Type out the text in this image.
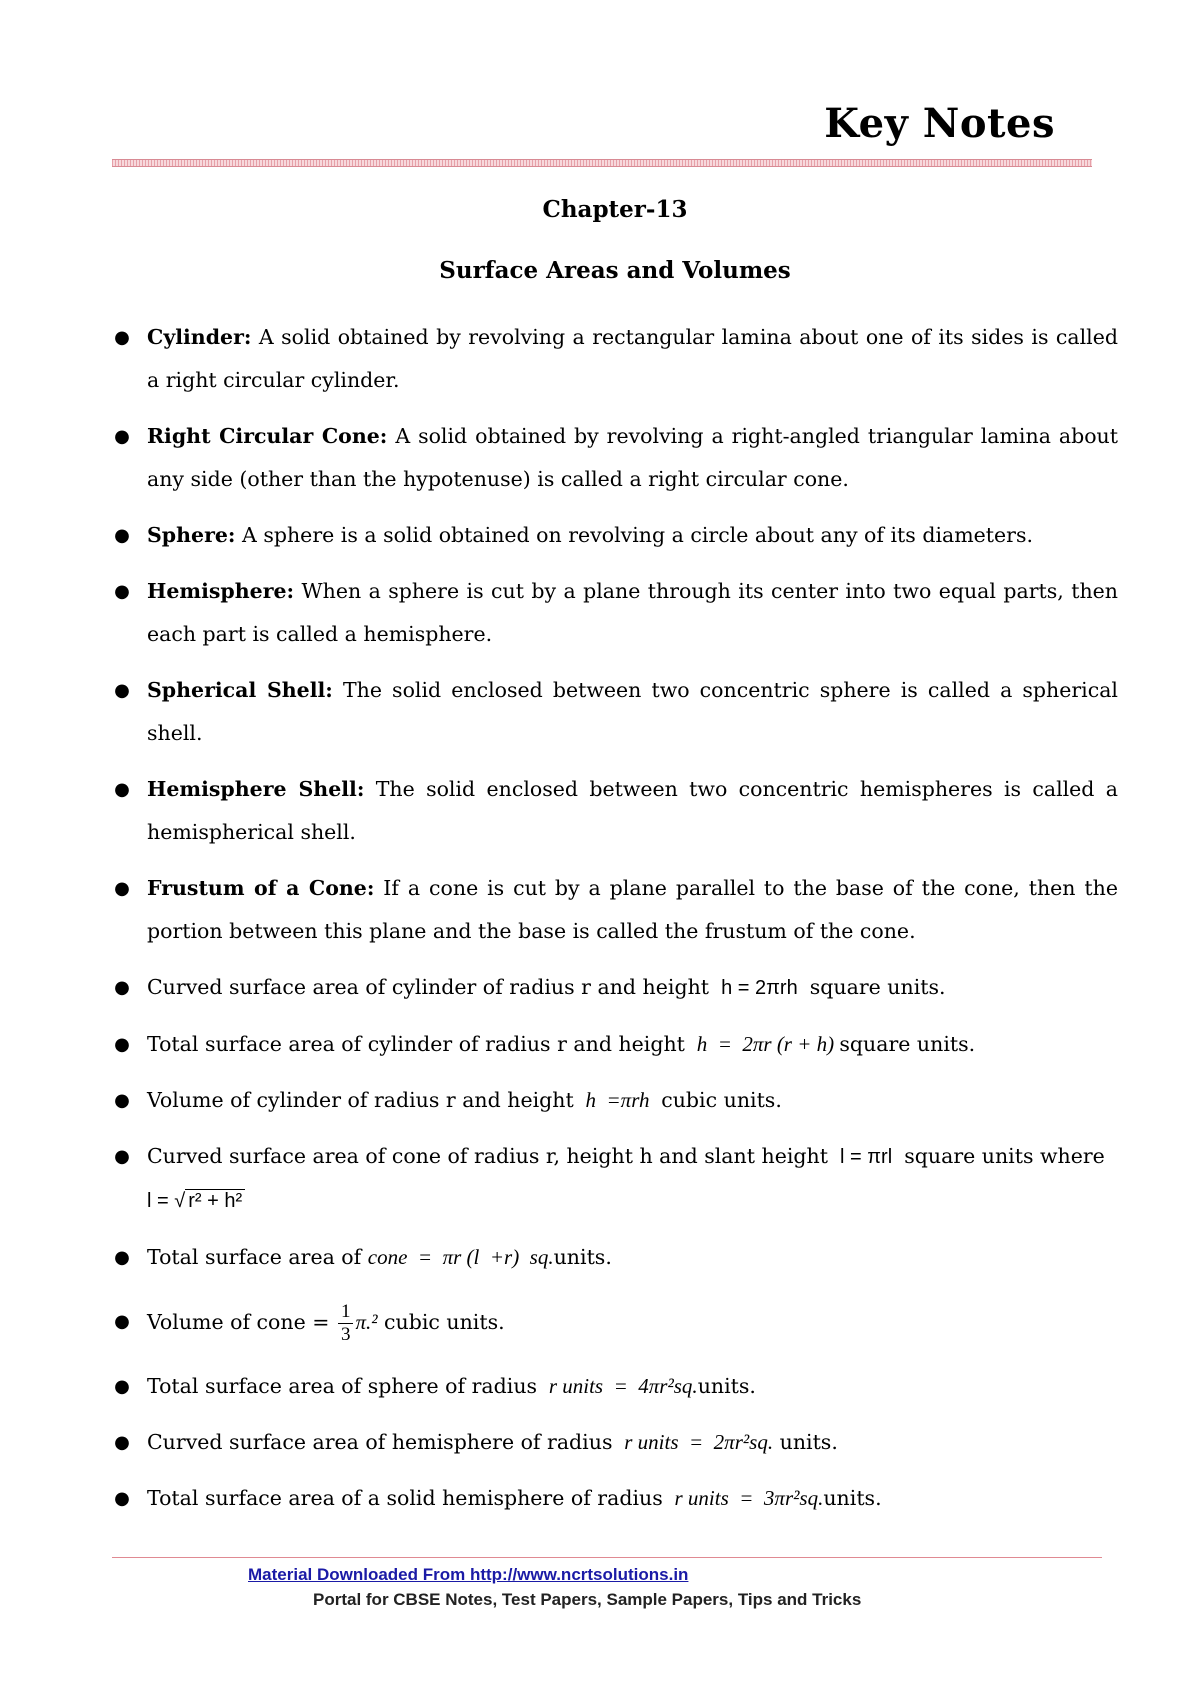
Key Notes
Chapter-13
Surface Areas and Volumes
● Cylinder: A solid obtained by revolving a rectangular lamina about one of its sides is called a right circular cylinder.
● Right Circular Cone: A solid obtained by revolving a right-angled triangular lamina about any side (other than the hypotenuse) is called a right circular cone.
● Sphere: A sphere is a solid obtained on revolving a circle about any of its diameters.
● Hemisphere: When a sphere is cut by a plane through its center into two equal parts, then each part is called a hemisphere.
● Spherical Shell: The solid enclosed between two concentric sphere is called a spherical shell.
● Hemisphere Shell: The solid enclosed between two concentric hemispheres is called a hemispherical shell.
● Frustum of a Cone: If a cone is cut by a plane parallel to the base of the cone, then the portion between this plane and the base is called the frustum of the cone.
● Curved surface area of cylinder of radius r and height  h = 2πrh  square units.
● Total surface area of cylinder of radius r and height  h  =  2πr (r + h) square units.
● Volume of cylinder of radius r and height  h  =πrh  cubic units.
● Curved surface area of cone of radius r, height h and slant height  l = πrl  square units where
l = √ r² + h²
● Total surface area of cone  =  πr (l  +r)  sq.units.
● Volume of cone = $\frac{1}{3} \pi.^2$ cubic units.
● Total surface area of sphere of radius  r units  =  4πr²sq.units.
● Curved surface area of hemisphere of radius  r units  =  2πr²sq. units.
● Total surface area of a solid hemisphere of radius  r units  =  3πr²sq.units.
Material Downloaded From http://www.ncrtsolutions.in
Portal for CBSE Notes, Test Papers, Sample Papers, Tips and Tricks
